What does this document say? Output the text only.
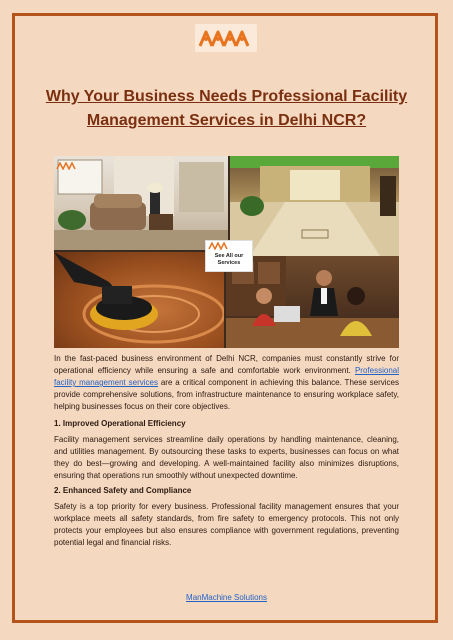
Why Your Business Needs Professional Facility Management Services in Delhi NCR?
See All our
Services

In the fast-paced business environment of Delhi NCR, companies must constantly strive for operational efficiency while ensuring a safe and comfortable work environment. Professional facility management services are a critical component in achieving this balance. These services provide comprehensive solutions, from infrastructure maintenance to ensuring workplace safety, helping businesses focus on their core objectives.

1. Improved Operational Efficiency

Facility management services streamline daily operations by handling maintenance, cleaning, and utilities management. By outsourcing these tasks to experts, businesses can focus on what they do best—growing and developing. A well-maintained facility also minimizes disruptions, ensuring that operations run smoothly without unexpected downtime.

2. Enhanced Safety and Compliance

Safety is a top priority for every business. Professional facility management ensures that your workplace meets all safety standards, from fire safety to emergency protocols. This not only protects your employees but also ensures compliance with government regulations, preventing potential legal and financial risks.

ManMachine Solutions
